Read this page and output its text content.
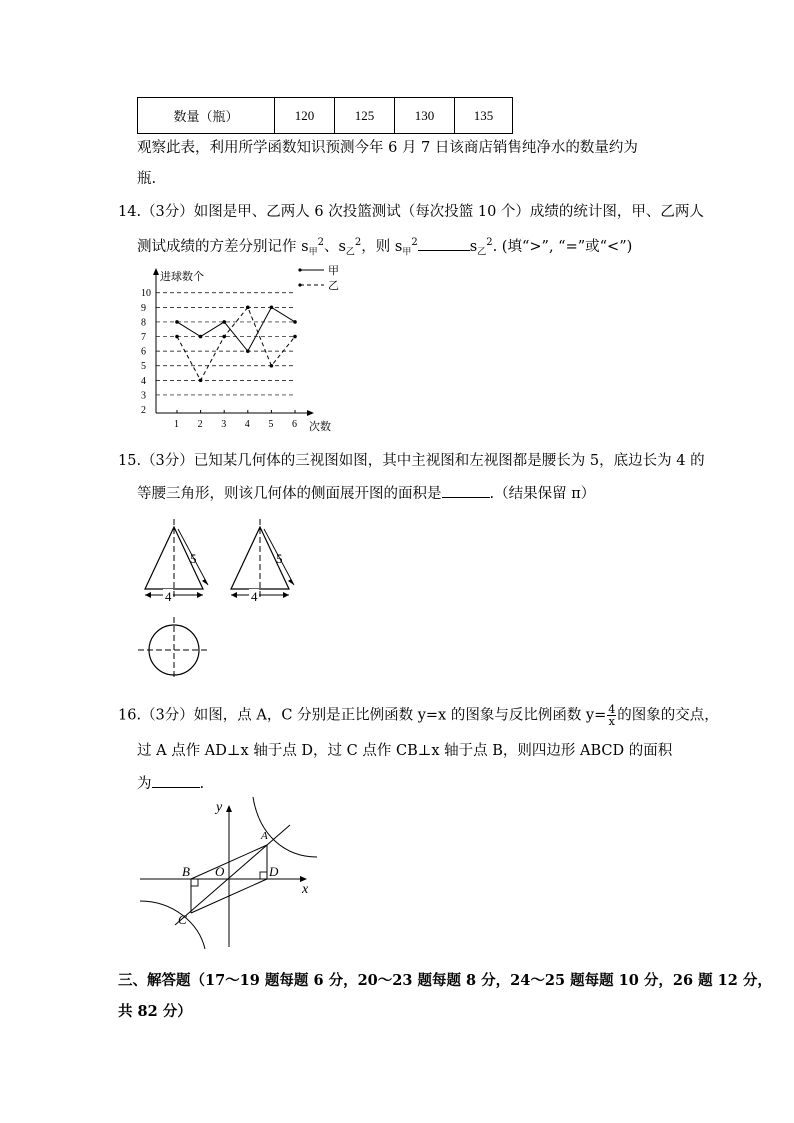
数量（瓶）	120	125	130	135
观察此表，利用所学函数知识预测今年 6 月 7 日该商店销售纯净水的数量约为
瓶.
14.（3分）如图是甲、乙两人 6 次投篮测试（每次投篮 10 个）成绩的统计图，甲、乙两人
测试成绩的方差分别记作 $s_甲^2$、$s_乙^2$，则 $s_甲^2$	$s_乙^2$. (填“>”, “=”或“<”)
2
3
4
5
6
7
8
9
10
进球数个
次数
1 2 3 4 5 6
甲
乙
15.（3分）已知某几何体的三视图如图，其中主视图和左视图都是腰长为 5，底边长为 4 的
等腰三角形，则该几何体的侧面展开图的面积是	.（结果保留 π）
5
4
5
4
16.（3分）如图，点 A，C 分别是正比例函数 y=x 的图象与反比例函数 $y= \frac{4}{x}$ 的图象的交点，
过 A 点作 AD⊥x 轴于点 D，过 C 点作 CB⊥x 轴于点 B，则四边形 ABCD 的面积
为	.
y
A
B O	D
x
C
三、解答题（17～19 题每题 6 分，20～23 题每题 8 分，24～25 题每题 10 分，26 题 12 分，
共 82 分）
